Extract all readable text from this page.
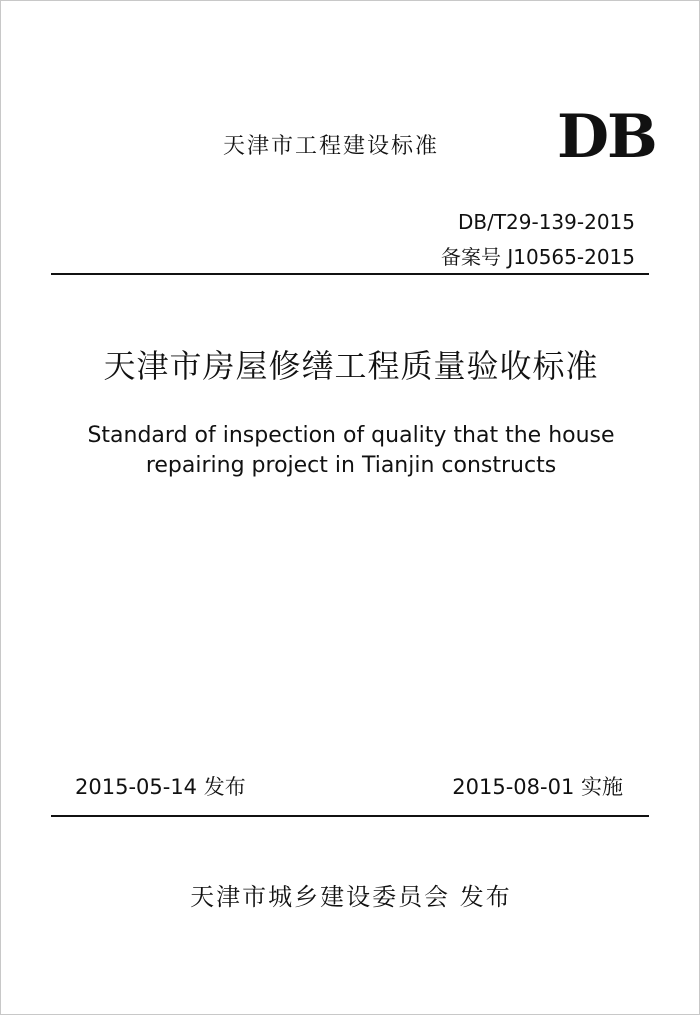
天津市工程建设标准 DB
DB/T29-139-2015
备案号 J10565-2015
天津市房屋修缮工程质量验收标准
Standard of inspection of quality that the house
repairing project in Tianjin constructs
2015-05-14 发布	2015-08-01 实施
天津市城乡建设委员会 发布
